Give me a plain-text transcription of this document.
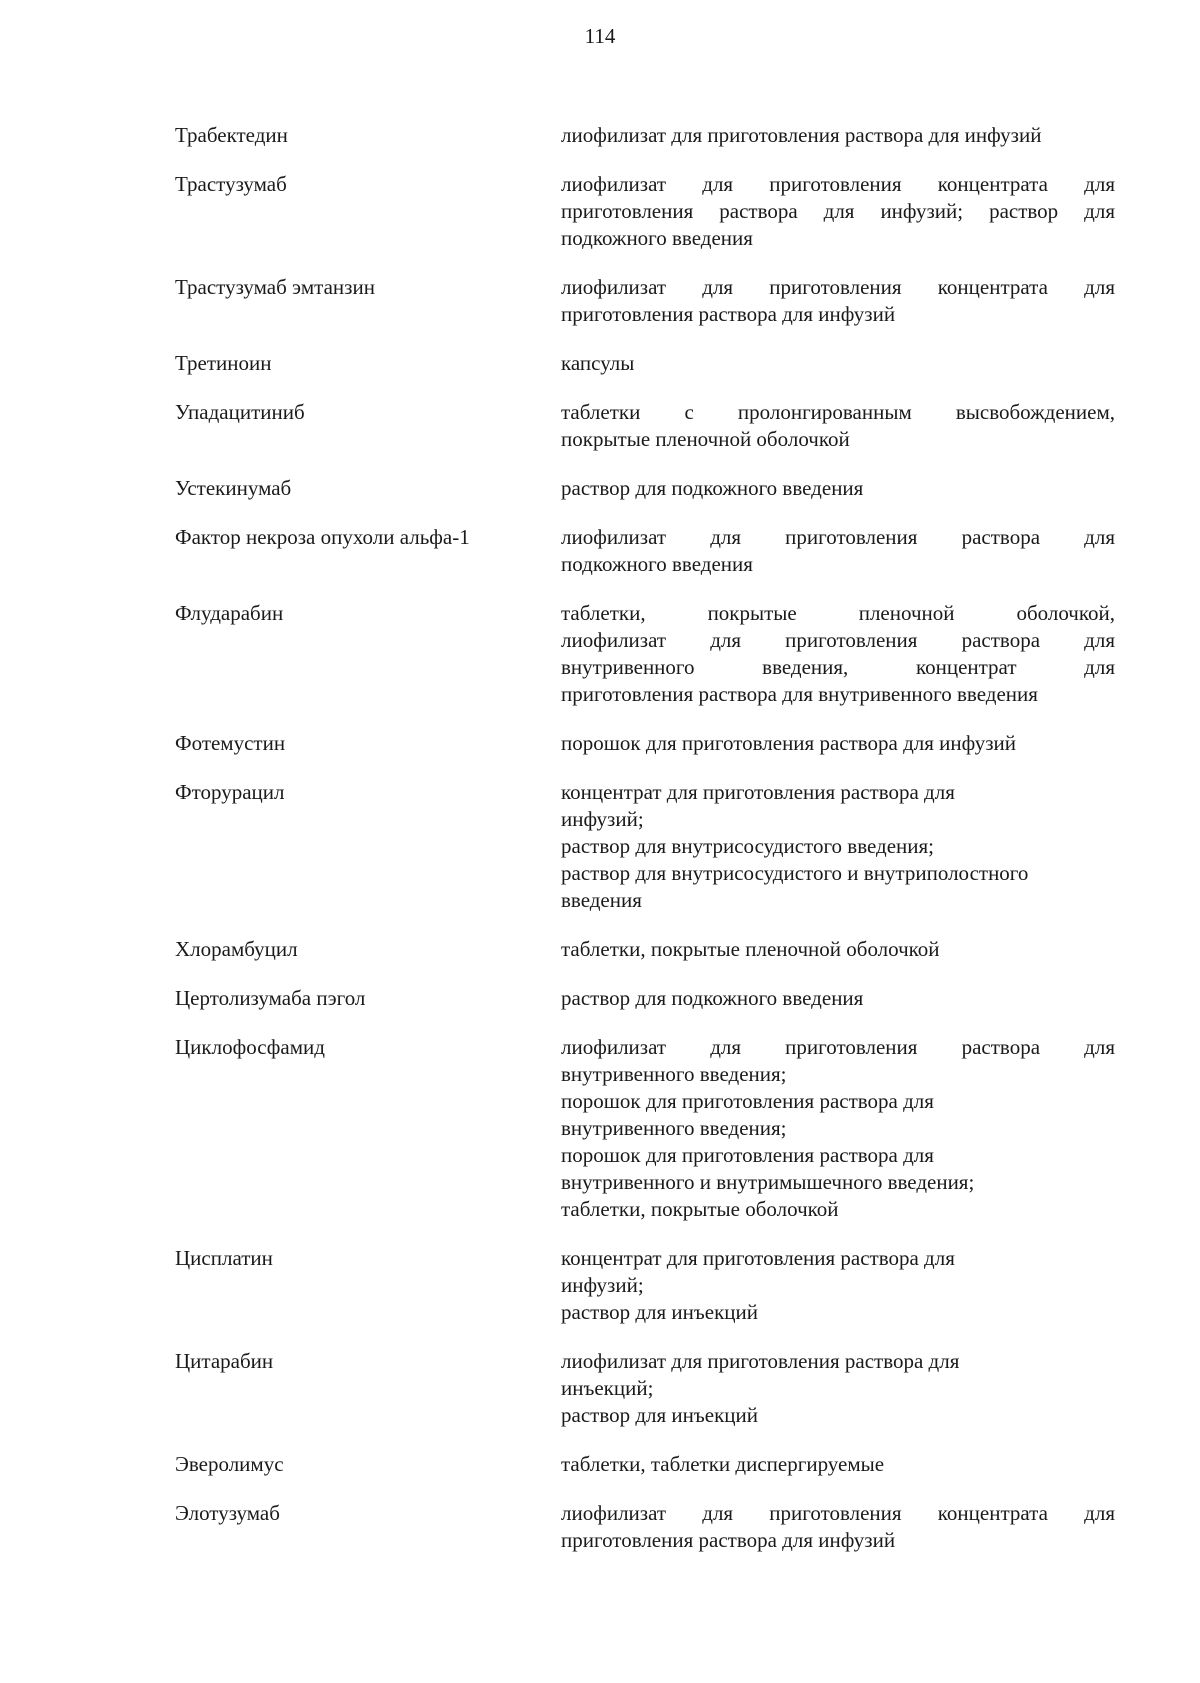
114
Трабектедин	лиофилизат для приготовления раствора для инфузий
Трастузумаб	лиофилизат для приготовления концентрата для
приготовления раствора для инфузий; раствор для
подкожного введения
Трастузумаб эмтанзин	лиофилизат для приготовления концентрата для
приготовления раствора для инфузий
Третиноин	капсулы
Упадацитиниб	таблетки с пролонгированным высвобождением,
покрытые пленочной оболочкой
Устекинумаб	раствор для подкожного введения
Фактор некроза опухоли альфа-1	лиофилизат для приготовления раствора для
подкожного введения
Флударабин	таблетки, покрытые пленочной оболочкой,
лиофилизат для приготовления раствора для
внутривенного введения, концентрат для
приготовления раствора для внутривенного введения
Фотемустин	порошок для приготовления раствора для инфузий
Фторурацил	концентрат для приготовления раствора для
инфузий;
раствор для внутрисосудистого введения;
раствор для внутрисосудистого и внутриполостного
введения
Хлорамбуцил	таблетки, покрытые пленочной оболочкой
Цертолизумаба пэгол	раствор для подкожного введения
Циклофосфамид	лиофилизат для приготовления раствора для
внутривенного введения;
порошок для приготовления раствора для
внутривенного введения;
порошок для приготовления раствора для
внутривенного и внутримышечного введения;
таблетки, покрытые оболочкой
Цисплатин	концентрат для приготовления раствора для
инфузий;
раствор для инъекций
Цитарабин	лиофилизат для приготовления раствора для
инъекций;
раствор для инъекций
Эверолимус	таблетки, таблетки диспергируемые
Элотузумаб	лиофилизат для приготовления концентрата для
приготовления раствора для инфузий
